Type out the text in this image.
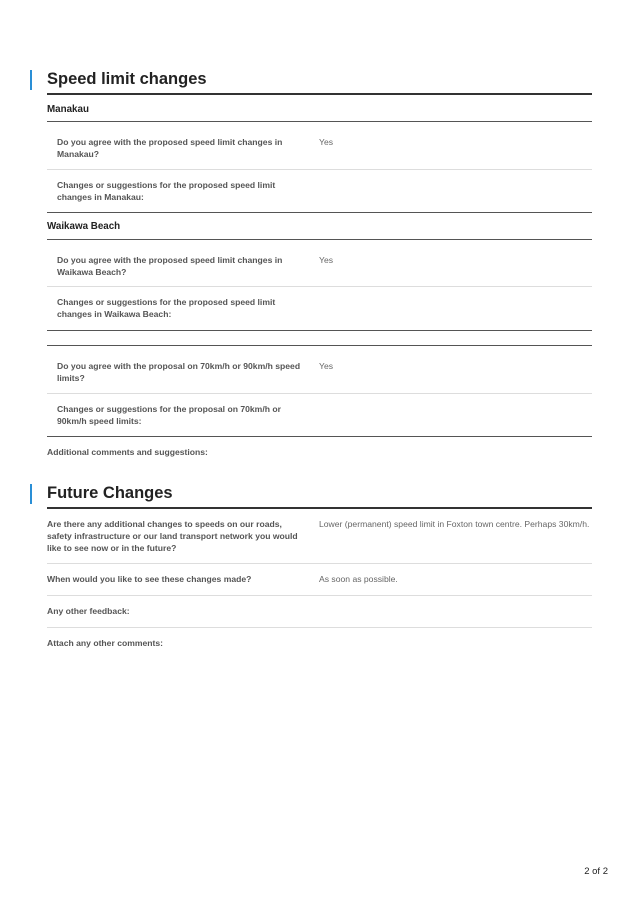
Speed limit changes
Manakau

Do you agree with the proposed speed limit changes in Manakau?

Yes

Changes or suggestions for the proposed speed limit changes in Manakau:

Waikawa Beach

Do you agree with the proposed speed limit changes in Waikawa Beach?

Yes

Changes or suggestions for the proposed speed limit changes in Waikawa Beach:

Do you agree with the proposal on 70km/h or 90km/h speed limits?

Yes

Changes or suggestions for the proposal on 70km/h or 90km/h speed limits:

Additional comments and suggestions:

Future Changes

Are there any additional changes to speeds on our roads, safety infrastructure or our land transport network you would like to see now or in the future?

Lower (permanent) speed limit in Foxton town centre. Perhaps 30km/h.

When would you like to see these changes made?	As soon as possible.

Any other feedback:

Attach any other comments:

2 of 2
